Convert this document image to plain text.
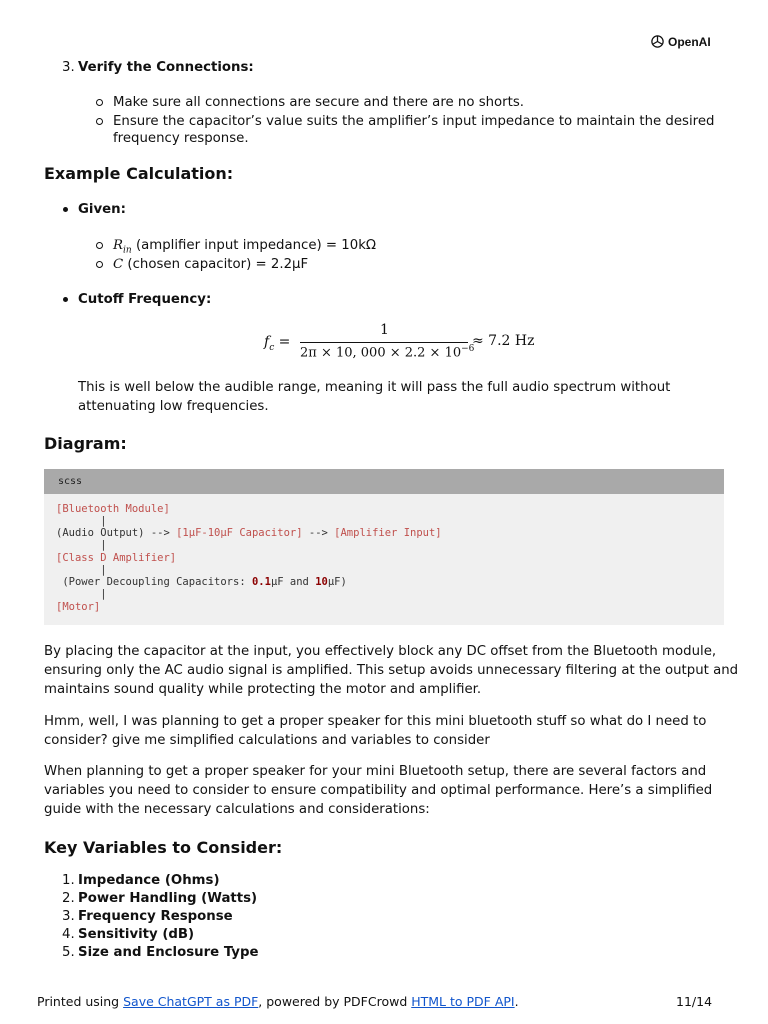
OpenAI
3. Verify the Connections:
Make sure all connections are secure and there are no shorts.
Ensure the capacitor’s value suits the amplifier’s input impedance to maintain the desired
frequency response.
Example Calculation:
Given:
$R_{in}$ (amplifier input impedance) = 10kΩ
C (chosen capacitor) = 2.2μF
Cutoff Frequency:
$f_c$ =
1
2π × 10, $000 \times 2.2 \times 10^{-6}$
≈ 7.2 Hz
This is well below the audible range, meaning it will pass the full audio spectrum without
attenuating low frequencies.
Diagram:
scss
[Bluetooth Module]
|
(Audio Output) --> [1μF-10μF Capacitor] --> [Amplifier Input]
|
[Class D Amplifier]
|
(Power Decoupling Capacitors: 0.1μF and 10μF)
|
[Motor]
By placing the capacitor at the input, you effectively block any DC offset from the Bluetooth module,
ensuring only the AC audio signal is amplified. This setup avoids unnecessary filtering at the output and
maintains sound quality while protecting the motor and amplifier.
Hmm, well, I was planning to get a proper speaker for this mini bluetooth stuff so what do I need to
consider? give me simplified calculations and variables to consider
When planning to get a proper speaker for your mini Bluetooth setup, there are several factors and
variables you need to consider to ensure compatibility and optimal performance. Here’s a simplified
guide with the necessary calculations and considerations:
Key Variables to Consider:
1. Impedance (Ohms)
2. Power Handling (Watts)
3. Frequency Response
4. Sensitivity (dB)
5. Size and Enclosure Type
Printed using Save ChatGPT as PDF, powered by PDFCrowd HTML to PDF API.	11/14
